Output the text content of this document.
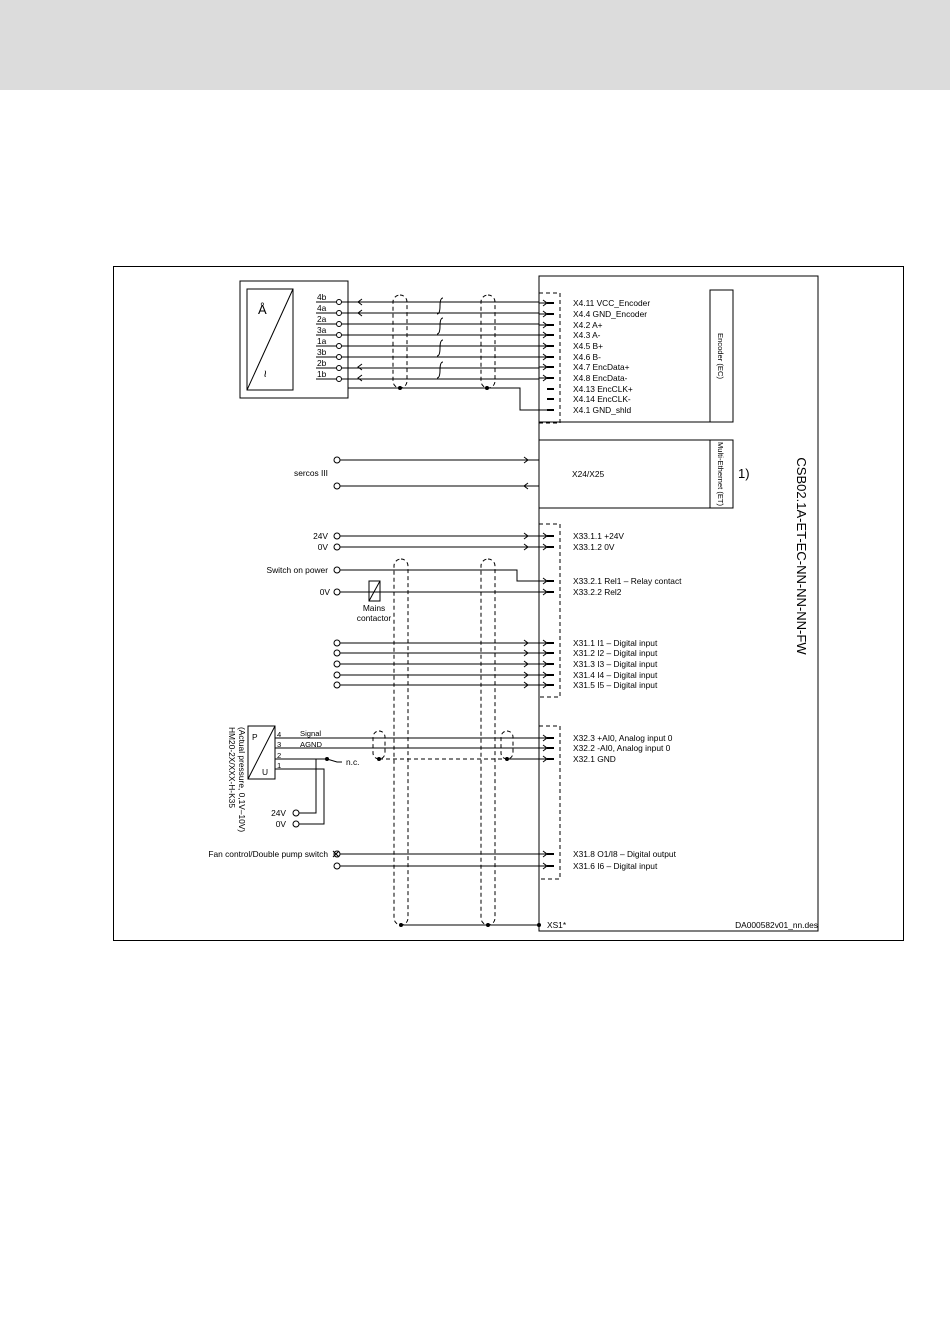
Encoder (EC)
Multi-Ethernet (ET) 1)	CSB02.1A-ET-EC-NN-NN-NN-FW
Å
~
4b
4a
2a
3a
1a
3b
2b
1b
X4.11 VCC_Encoder
X4.4 GND_Encoder
X4.2 A+
X4.3 A-
X4.5 B+
X4.6 B-
X4.7 EncData+
X4.8 EncData-
X4.13 EncCLK+
X4.14 EncCLK-
X4.1 GND_shld
sercos III	X24/X25
24V
0V
X33.1.1 +24V
X33.1.2 0V
Switch on power
0V
Mains
contactor
X33.2.1 Rel1 – Relay contact
X33.2.2 Rel2
X31.1 I1 – Digital input
X31.2 I2 – Digital input
X31.3 I3 – Digital input
X31.4 I4 – Digital input
X31.5 I5 – Digital input
P
U
HM20-2X/XXX-H-K35 (Actual pressure, 0,1V–10V)	4
3
2
1
Signal
AGND
n.c.
24V
0V
X32.3 +AI0, Analog input 0
X32.2 -AI0, Analog input 0
X32.1 GND
Fan control/Double pump switch	X31.8 O1/I8 – Digital output
X31.6 I6 – Digital input
XS1*	DA000582v01_nn.des
